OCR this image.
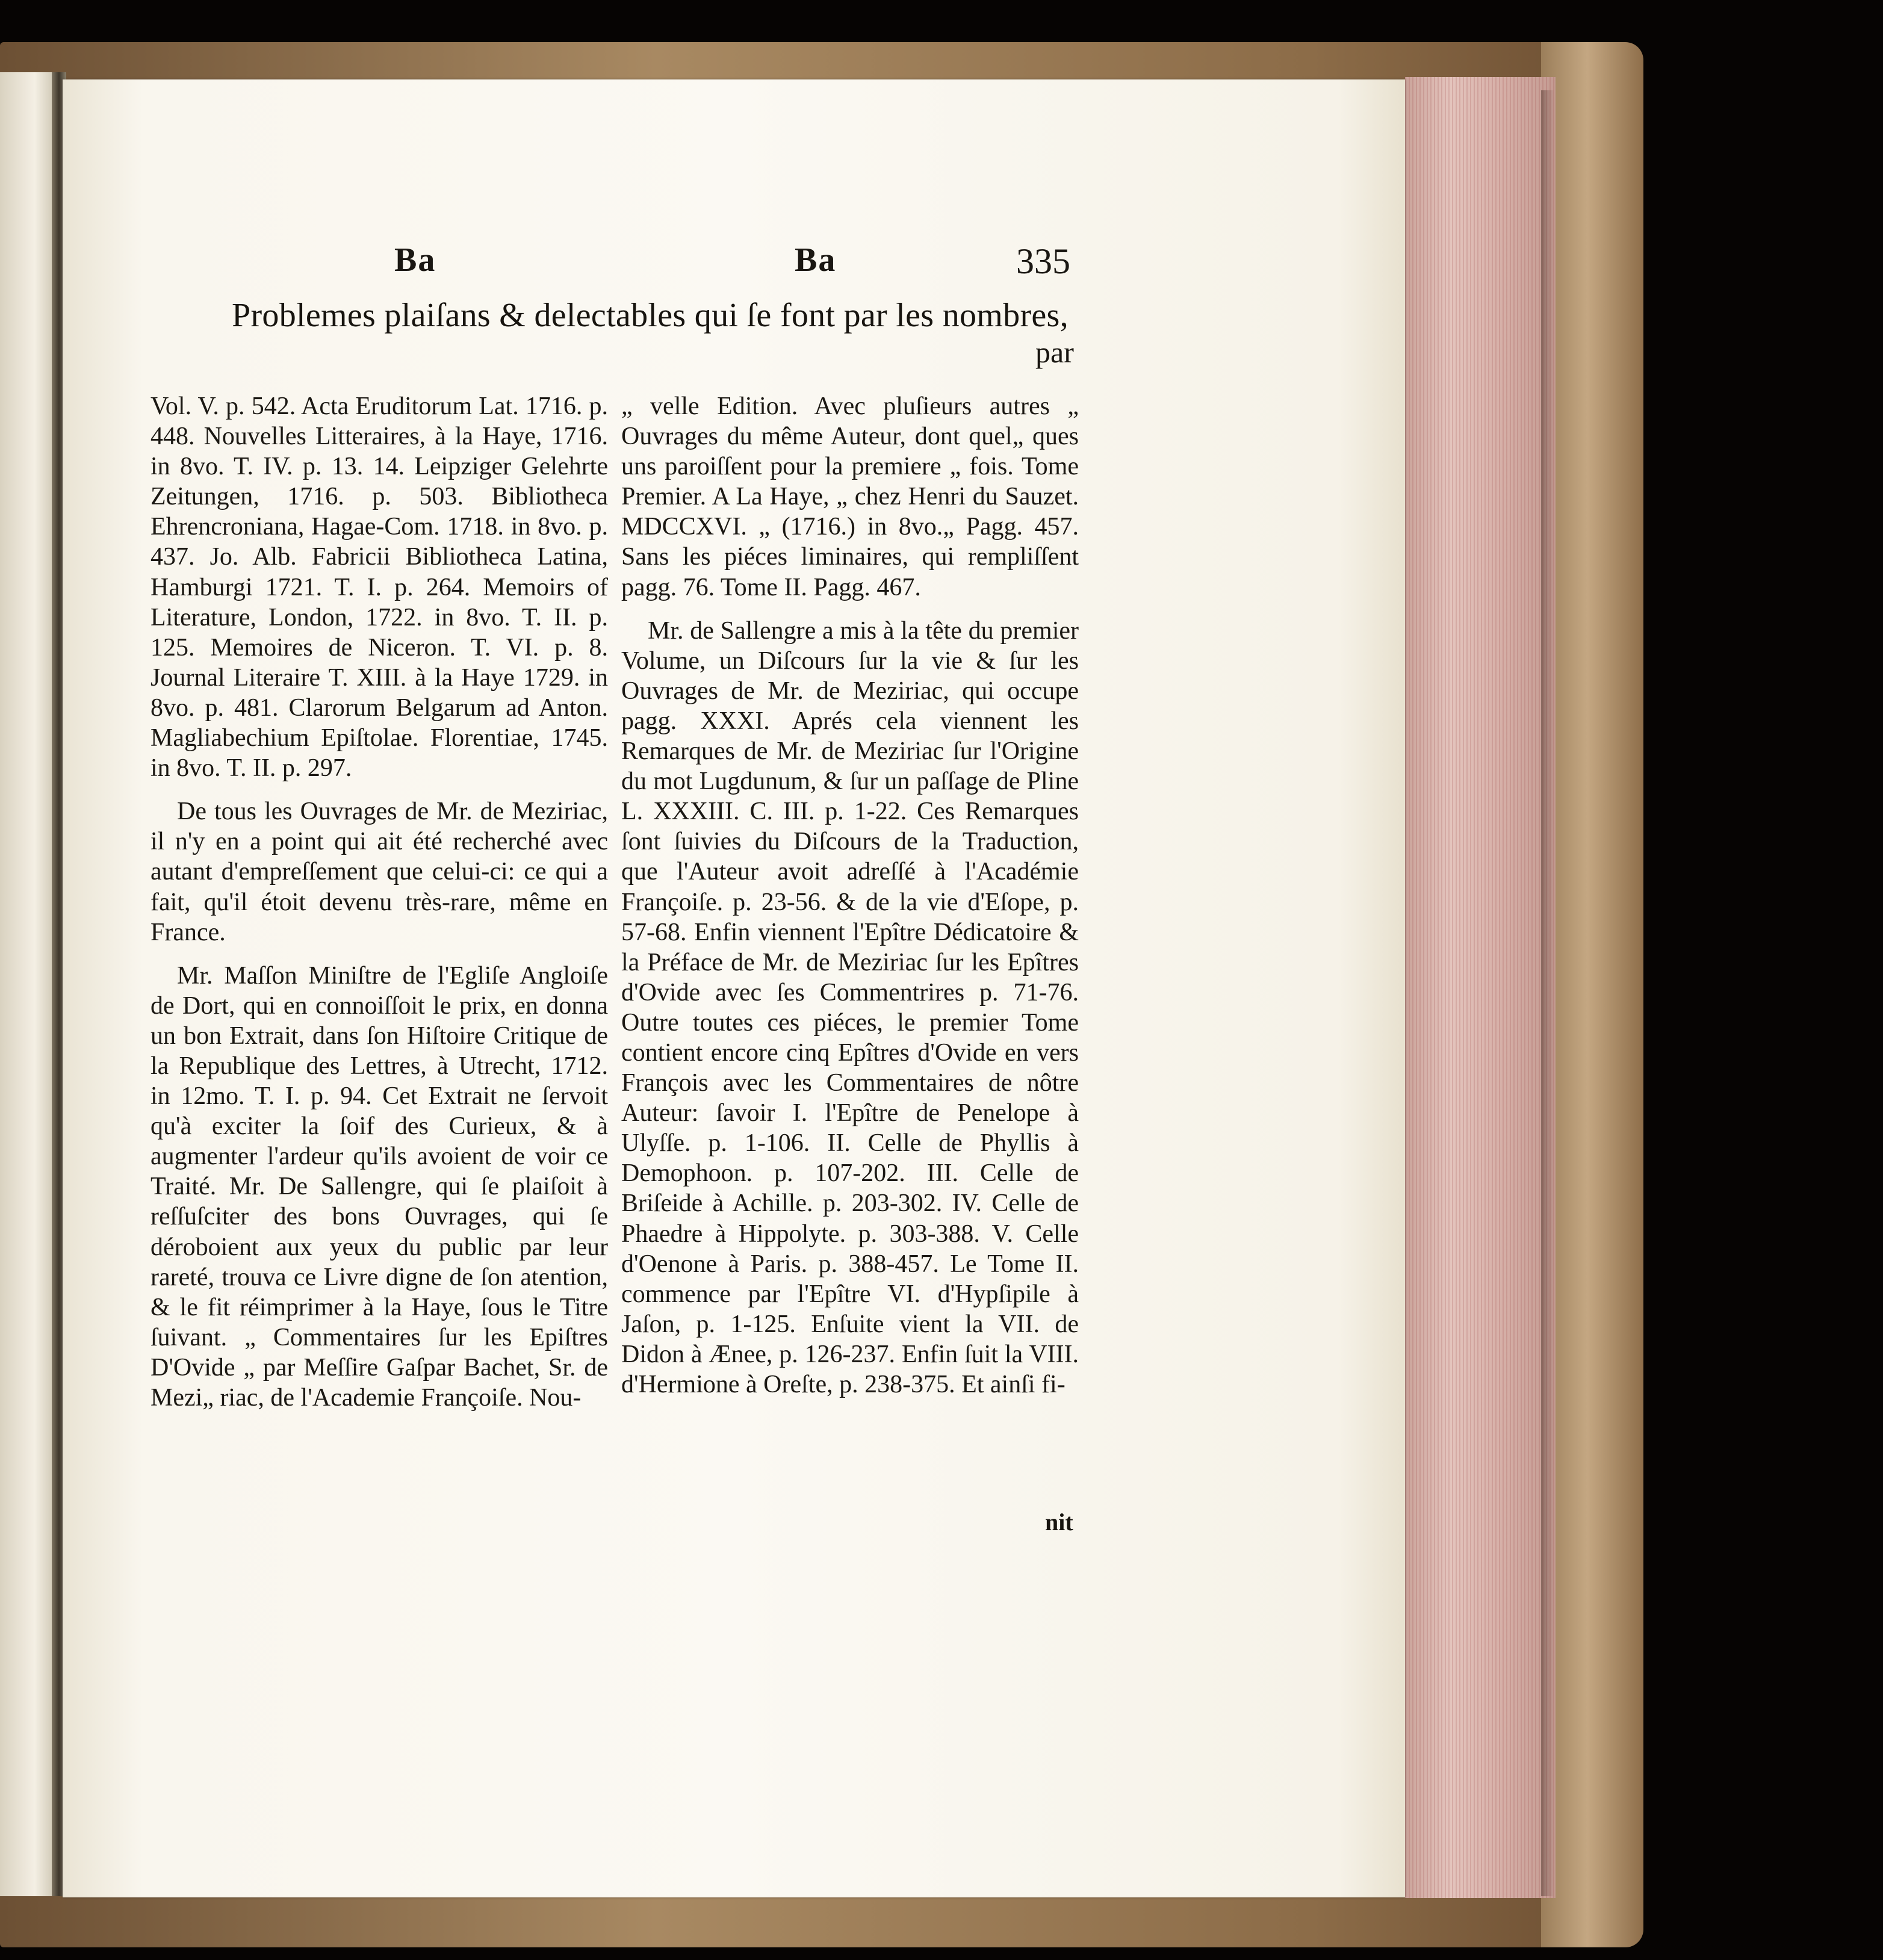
Ba	Ba	335
Problemes plaiſans & delectables qui ſe font par les nombres,
par

Vol. V. p. 542. Acta Eruditorum Lat. 1716. p. 448. Nouvelles Litteraires, à la Haye, 1716. in 8vo. T. IV. p. 13. 14. Leipziger Gelehrte Zeitungen, 1716. p. 503. Bibliotheca Ehrencroniana, Hagae-Com. 1718. in 8vo. p. 437. Jo. Alb. Fabricii Bibliotheca Latina, Hamburgi 1721. T. I. p. 264. Memoirs of Literature, London, 1722. in 8vo. T. II. p. 125. Memoires de Niceron. T. VI. p. 8. Journal Literaire T. XIII. à la Haye 1729. in 8vo. p. 481. Clarorum Belgarum ad Anton. Magliabechium Epiſtolae. Florentiae, 1745. in 8vo. T. II. p. 297.

De tous les Ouvrages de Mr. de Meziriac, il n'y en a point qui ait été recherché avec autant d'empreſſement que celui-ci: ce qui a fait, qu'il étoit devenu très-rare, même en France.

Mr. Maſſon Miniſtre de l'Egliſe Angloiſe de Dort, qui en connoiſſoit le prix, en donna un bon Extrait, dans ſon Hiſtoire Critique de la Republique des Lettres, à Utrecht, 1712. in 12mo. T. I. p. 94. Cet Extrait ne ſervoit qu'à exciter la ſoif des Curieux, & à augmenter l'ardeur qu'ils avoient de voir ce Traité. Mr. De Sallengre, qui ſe plaiſoit à reſſuſciter des bons Ouvrages, qui ſe déroboient aux yeux du public par leur rareté, trouva ce Livre digne de ſon atention, & le fit réimprimer à la Haye, ſous le Titre ſuivant. „ Commentaires ſur les Epiſtres D'Ovide „ par Meſſire Gaſpar Bachet, Sr. de Mezi„ riac, de l'Academie Françoiſe. Nou-

„ velle Edition. Avec pluſieurs autres „ Ouvrages du même Auteur, dont quel„ ques uns paroiſſent pour la premiere „ fois. Tome Premier. A La Haye, „ chez Henri du Sauzet. MDCCXVI. „ (1716.) in 8vo.„ Pagg. 457. Sans les piéces liminaires, qui rempliſſent pagg. 76. Tome II. Pagg. 467.

Mr. de Sallengre a mis à la tête du premier Volume, un Diſcours ſur la vie & ſur les Ouvrages de Mr. de Meziriac, qui occupe pagg. XXXI. Aprés cela viennent les Remarques de Mr. de Meziriac ſur l'Origine du mot Lugdunum, & ſur un paſſage de Pline L. XXXIII. C. III. p. 1-22. Ces Remarques ſont ſuivies du Diſcours de la Traduction, que l'Auteur avoit adreſſé à l'Académie Françoiſe. p. 23-56. & de la vie d'Eſope, p. 57-68. Enfin viennent l'Epître Dédicatoire & la Préface de Mr. de Meziriac ſur les Epîtres d'Ovide avec ſes Commentrires p. 71-76. Outre toutes ces piéces, le premier Tome contient encore cinq Epîtres d'Ovide en vers François avec les Commentaires de nôtre Auteur: ſavoir I. l'Epître de Penelope à Ulyſſe. p. 1-106. II. Celle de Phyllis à Demophoon. p. 107-202. III. Celle de Briſeide à Achille. p. 203-302. IV. Celle de Phaedre à Hippolyte. p. 303-388. V. Celle d'Oenone à Paris. p. 388-457. Le Tome II. commence par l'Epître VI. d'Hypſipile à Jaſon, p. 1-125. Enſuite vient la VII. de Didon à Ænee, p. 126-237. Enfin ſuit la VIII. d'Hermione à Oreſte, p. 238-375. Et ainſi fi-

nit
